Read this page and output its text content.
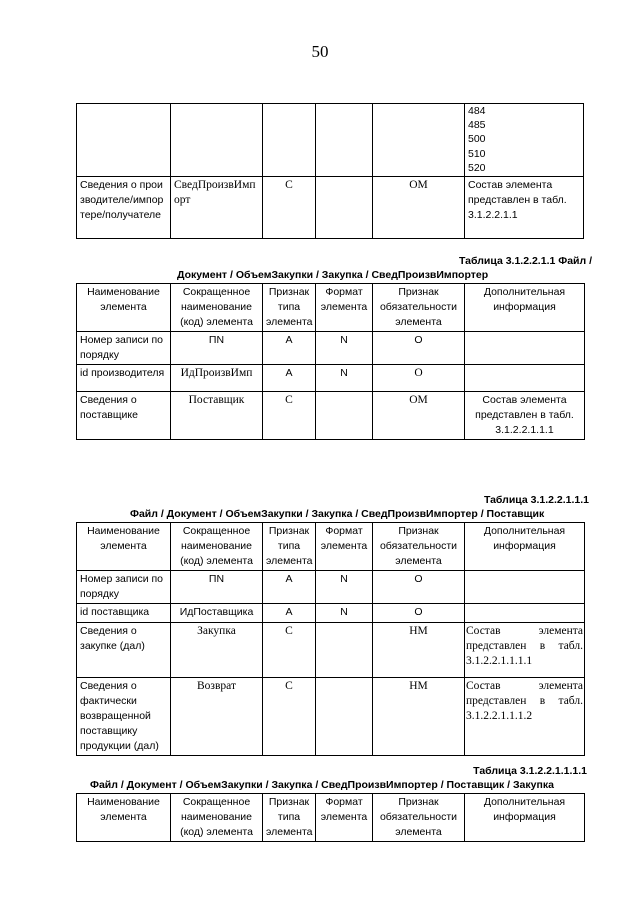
50

					484
485
500
510
520

Сведения о производителе/импортере/получателе	СведПроизвИмп орт	С		ОМ	Состав элемента представлен в табл. 3.1.2.2.1.1
Таблица 3.1.2.2.1.1 Файл /
Документ / ОбъемЗакупки / Закупка / СведПроизвИмпортер
Наименование элемента	Сокращенное наименование (код) элемента	Признак типа элемента	Формат элемента	Признак обязательности элемента	Дополнительная информация
Номер записи по порядку	ПN	А	N	О	
id производителя	ИдПроизвИмп	А	N	О	
Сведения о поставщике	Поставщик	С		ОМ	Состав элемента представлен в табл. 3.1.2.2.1.1.1
Таблица 3.1.2.2.1.1.1
Файл / Документ / ОбъемЗакупки / Закупка / СведПроизвИмпортер / Поставщик
Наименование элемента	Сокращенное наименование (код) элемента	Признак типа элемента	Формат элемента	Признак обязательности элемента	Дополнительная информация
Номер записи по порядку	ПN	А	N	О	
id поставщика	ИдПоставщика	А	N	О	
Сведения о закупке (дал)	Закупка	С		НМ	Состав элемента представлен в табл. 3.1.2.2.1.1.1.1
Сведения о фактически возвращенной поставщику продукции (дал)	Возврат	С		НМ	Состав элемента представлен в табл. 3.1.2.2.1.1.1.2
Таблица 3.1.2.2.1.1.1.1
Файл / Документ / ОбъемЗакупки / Закупка / СведПроизвИмпортер / Поставщик / Закупка
Наименование элемента	Сокращенное наименование (код) элемента	Признак типа элемента	Формат элемента	Признак обязательности элемента	Дополнительная информация
